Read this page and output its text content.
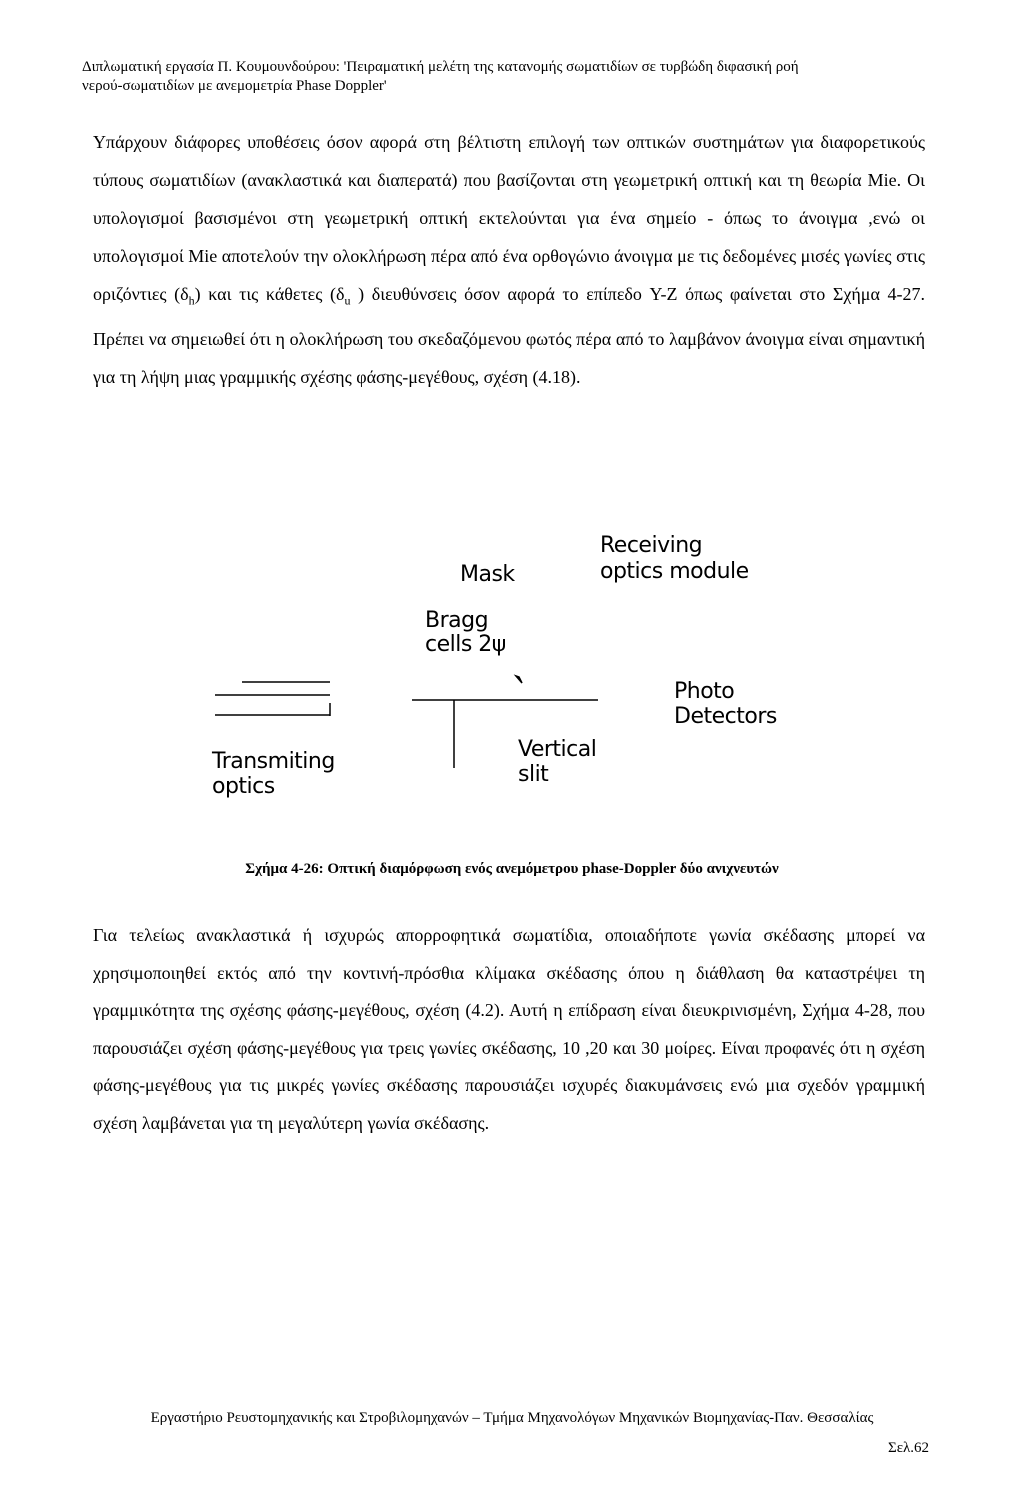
Διπλωματική εργασία Π. Κουμουνδούρου: 'Πειραματική μελέτη της κατανομής σωματιδίων σε τυρβώδη διφασική ροή
νερού-σωματιδίων με ανεμομετρία Phase Doppler'

Υπάρχουν διάφορες υποθέσεις όσον αφορά στη βέλτιστη επιλογή των οπτικών συστημάτων για διαφορετικούς τύπους σωματιδίων (ανακλαστικά και διαπερατά) που βασίζονται στη γεωμετρική οπτική και τη θεωρία Mie. Οι υπολογισμοί βασισμένοι στη γεωμετρική οπτική εκτελούνται για ένα σημείο - όπως το άνοιγμα ,ενώ οι υπολογισμοί Mie αποτελούν την ολοκλήρωση πέρα από ένα ορθογώνιο άνοιγμα με τις δεδομένες μισές γωνίες στις οριζόντιες $(\delta_h)$ και τις κάθετες ($\delta_u$ ) διευθύνσεις όσον αφορά το επίπεδο Y-Z όπως φαίνεται στο Σχήμα 4-27. Πρέπει να σημειωθεί ότι η ολοκλήρωση του σκεδαζόμενου φωτός πέρα από το λαμβάνον άνοιγμα είναι σημαντική για τη λήψη μιας γραμμικής σχέσης φάσης-μεγέθους, σχέση (4.18).

Receiving
optics module
Mask
Bragg
cells 2ψ
Photo
Detectors
Transmiting
optics
Vertical
slit
Σχήμα 4-26: Οπτική διαμόρφωση ενός ανεμόμετρου phase-Doppler δύο ανιχνευτών

Για τελείως ανακλαστικά ή ισχυρώς απορροφητικά σωματίδια, οποιαδήποτε γωνία σκέδασης μπορεί να χρησιμοποιηθεί εκτός από την κοντινή-πρόσθια κλίμακα σκέδασης όπου η διάθλαση θα καταστρέψει τη γραμμικότητα της σχέσης φάσης-μεγέθους, σχέση (4.2). Αυτή η επίδραση είναι διευκρινισμένη, Σχήμα 4-28, που παρουσιάζει σχέση φάσης-μεγέθους για τρεις γωνίες σκέδασης, 10 ,20 και 30 μοίρες. Είναι προφανές ότι η σχέση φάσης-μεγέθους για τις μικρές γωνίες σκέδασης παρουσιάζει ισχυρές διακυμάνσεις ενώ μια σχεδόν γραμμική σχέση λαμβάνεται για τη μεγαλύτερη γωνία σκέδασης.

Εργαστήριο Ρευστομηχανικής και Στροβιλομηχανών – Τμήμα Μηχανολόγων Μηχανικών Βιομηχανίας-Παν. Θεσσαλίας
Σελ.62
